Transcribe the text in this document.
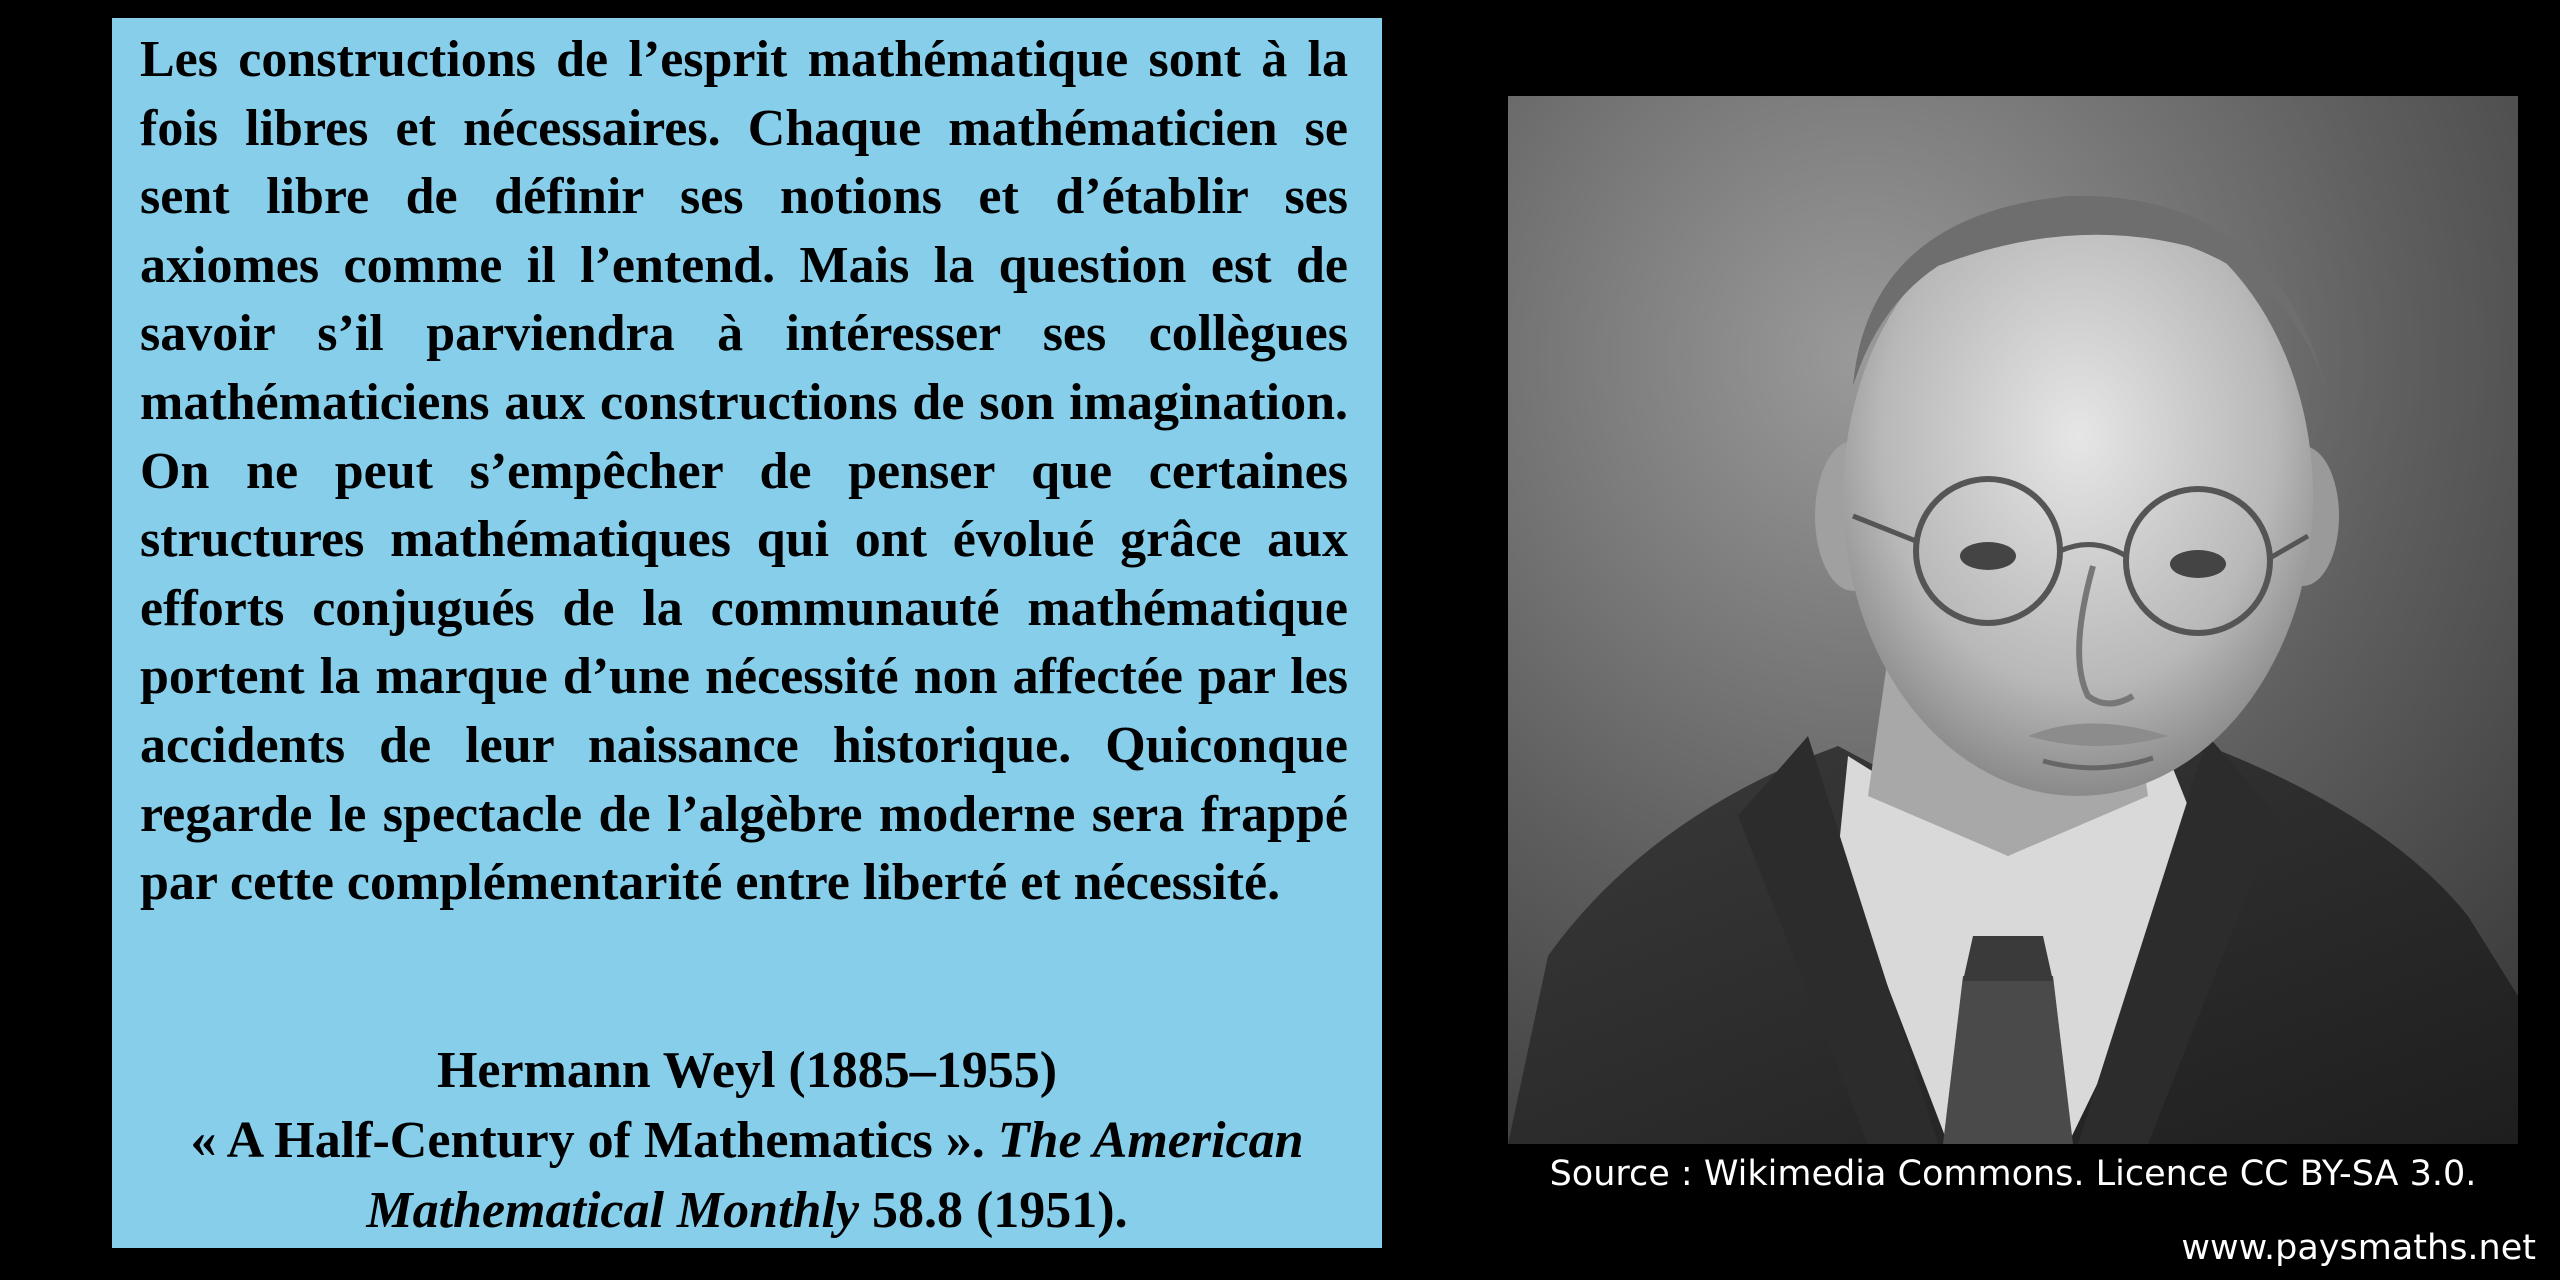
Les constructions de l’esprit mathématique sont à la fois libres et nécessaires. Chaque mathématicien se sent libre de définir ses notions et d’établir ses axiomes comme il l’entend. Mais la question est de savoir s’il parviendra à intéresser ses collègues mathématiciens aux constructions de son imagination. On ne peut s’empêcher de penser que certaines structures mathématiques qui ont évolué grâce aux efforts conjugués de la communauté mathématique portent la marque d’une nécessité non affectée par les accidents de leur naissance historique. Quiconque regarde le spectacle de l’algèbre moderne sera frappé par cette complémentarité entre liberté et nécessité.

Hermann Weyl (1885–1955)
« A Half-Century of Mathematics ». The American
Mathematical Monthly 58.8 (1951).
Source : Wikimedia Commons. Licence CC BY-SA 3.0.
www.paysmaths.net
